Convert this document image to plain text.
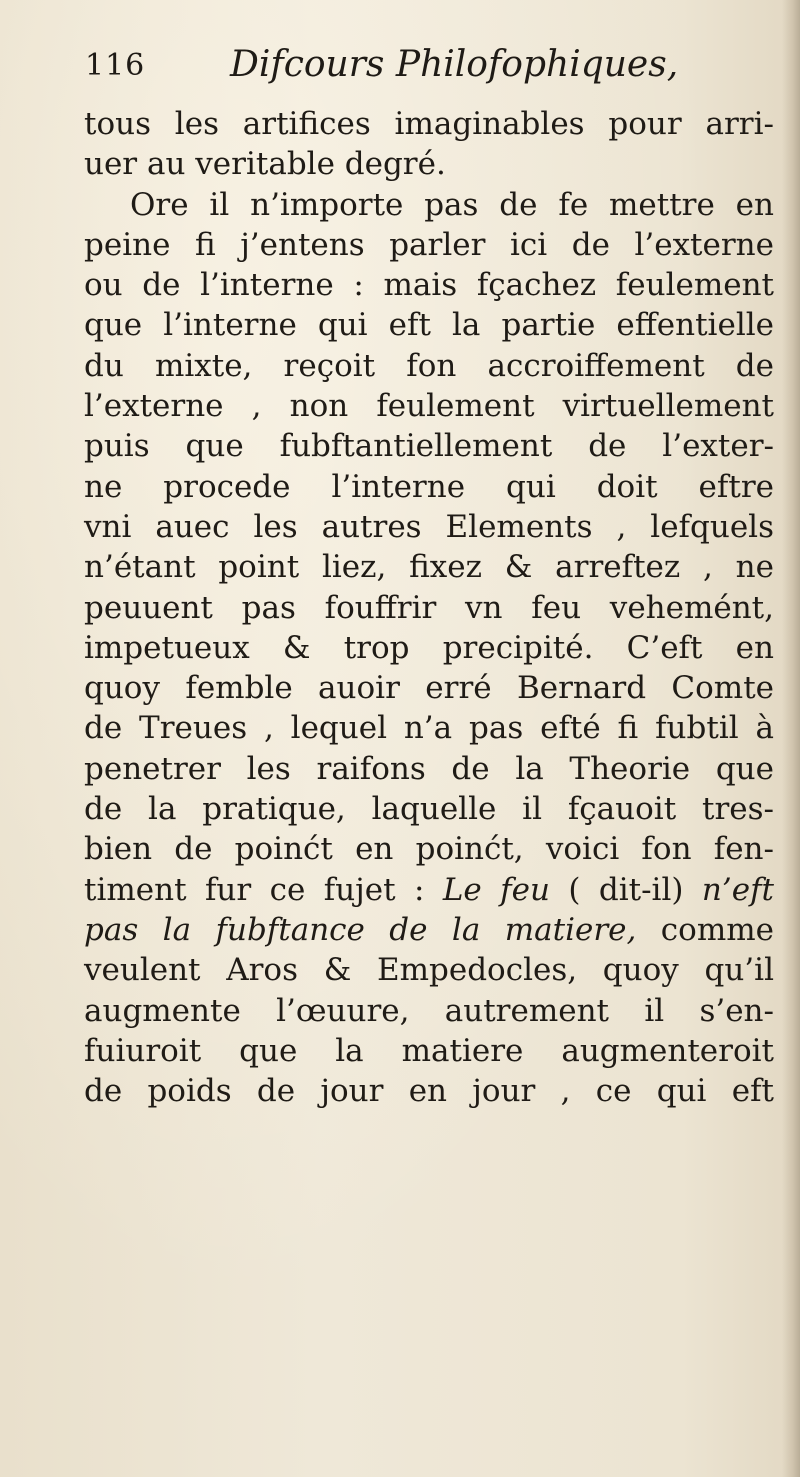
116 Difcours Philofophiques,
tous les artifices imaginables pour arri-
uer au veritable degré.
Ore il n’importe pas de fe mettre en
peine fi j’entens parler ici de l’externe
ou de l’interne : mais fçachez feulement
que l’interne qui eft la partie effentielle
du mixte, reçoit fon accroiffement de
l’externe , non feulement virtuellement
puis que fubftantiellement de l’exter-
ne procede l’interne qui doit eftre
vni auec les autres Elements , lefquels
n’étant point liez, fixez & arreftez , ne
peuuent pas fouffrir vn feu vehemént,
impetueux & trop precipité. C’eft en
quoy femble auoir erré Bernard Comte
de Treues , lequel n’a pas efté fi fubtil à
penetrer les raifons de la Theorie que
de la pratique, laquelle il fçauoit tres-
bien de poinćt en poinćt, voici fon fen-
timent fur ce fujet : Le feu ( dit-il) n’eft
pas la fubftance de la matiere, comme
veulent Aros & Empedocles, quoy qu’il
augmente l’œuure, autrement il s’en-
fuiuroit que la matiere augmenteroit
de poids de jour en jour , ce qui eft
